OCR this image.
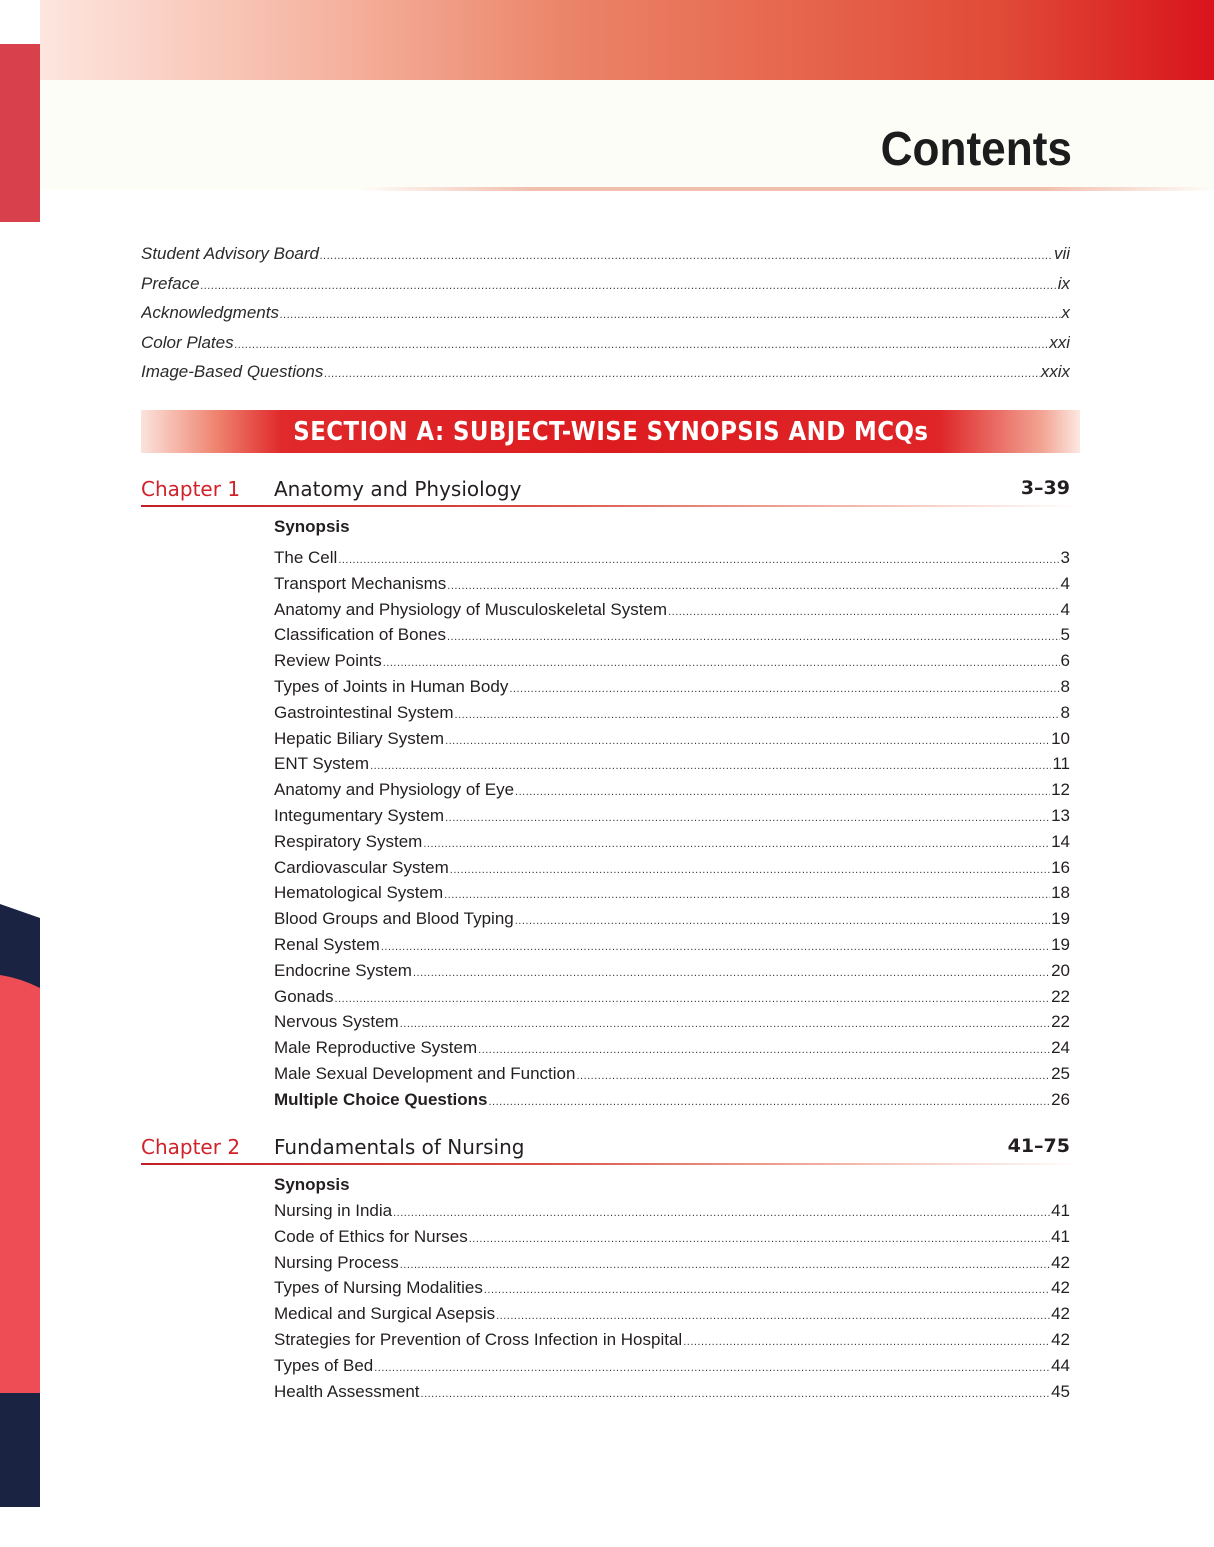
Contents
Student Advisory Board .....	vii
Preface .....	ix
Acknowledgments .....	x
Color Plates .....	xxi
Image-Based Questions .....	xxix
SECTION A: SUBJECT-WISE SYNOPSIS AND MCQs
Chapter 1 Anatomy and Physiology	3–39
Synopsis
The Cell .....	3
Transport Mechanisms .....	4
Anatomy and Physiology of Musculoskeletal System .....	4
Classification of Bones .....	5
Review Points .....	6
Types of Joints in Human Body .....	8
Gastrointestinal System .....	8
Hepatic Biliary System .....	10
ENT System .....	11
Anatomy and Physiology of Eye .....	12
Integumentary System .....	13
Respiratory System .....	14
Cardiovascular System .....	16
Hematological System .....	18
Blood Groups and Blood Typing .....	19
Renal System .....	19
Endocrine System .....	20
Gonads .....	22
Nervous System .....	22
Male Reproductive System .....	24
Male Sexual Development and Function .....	25
Multiple Choice Questions .....	26
Chapter 2 Fundamentals of Nursing	41–75
Synopsis
Nursing in India .....	41
Code of Ethics for Nurses .....	41
Nursing Process .....	42
Types of Nursing Modalities .....	42
Medical and Surgical Asepsis .....	42
Strategies for Prevention of Cross Infection in Hospital .....	42
Types of Bed .....	44
Health Assessment .....	45
